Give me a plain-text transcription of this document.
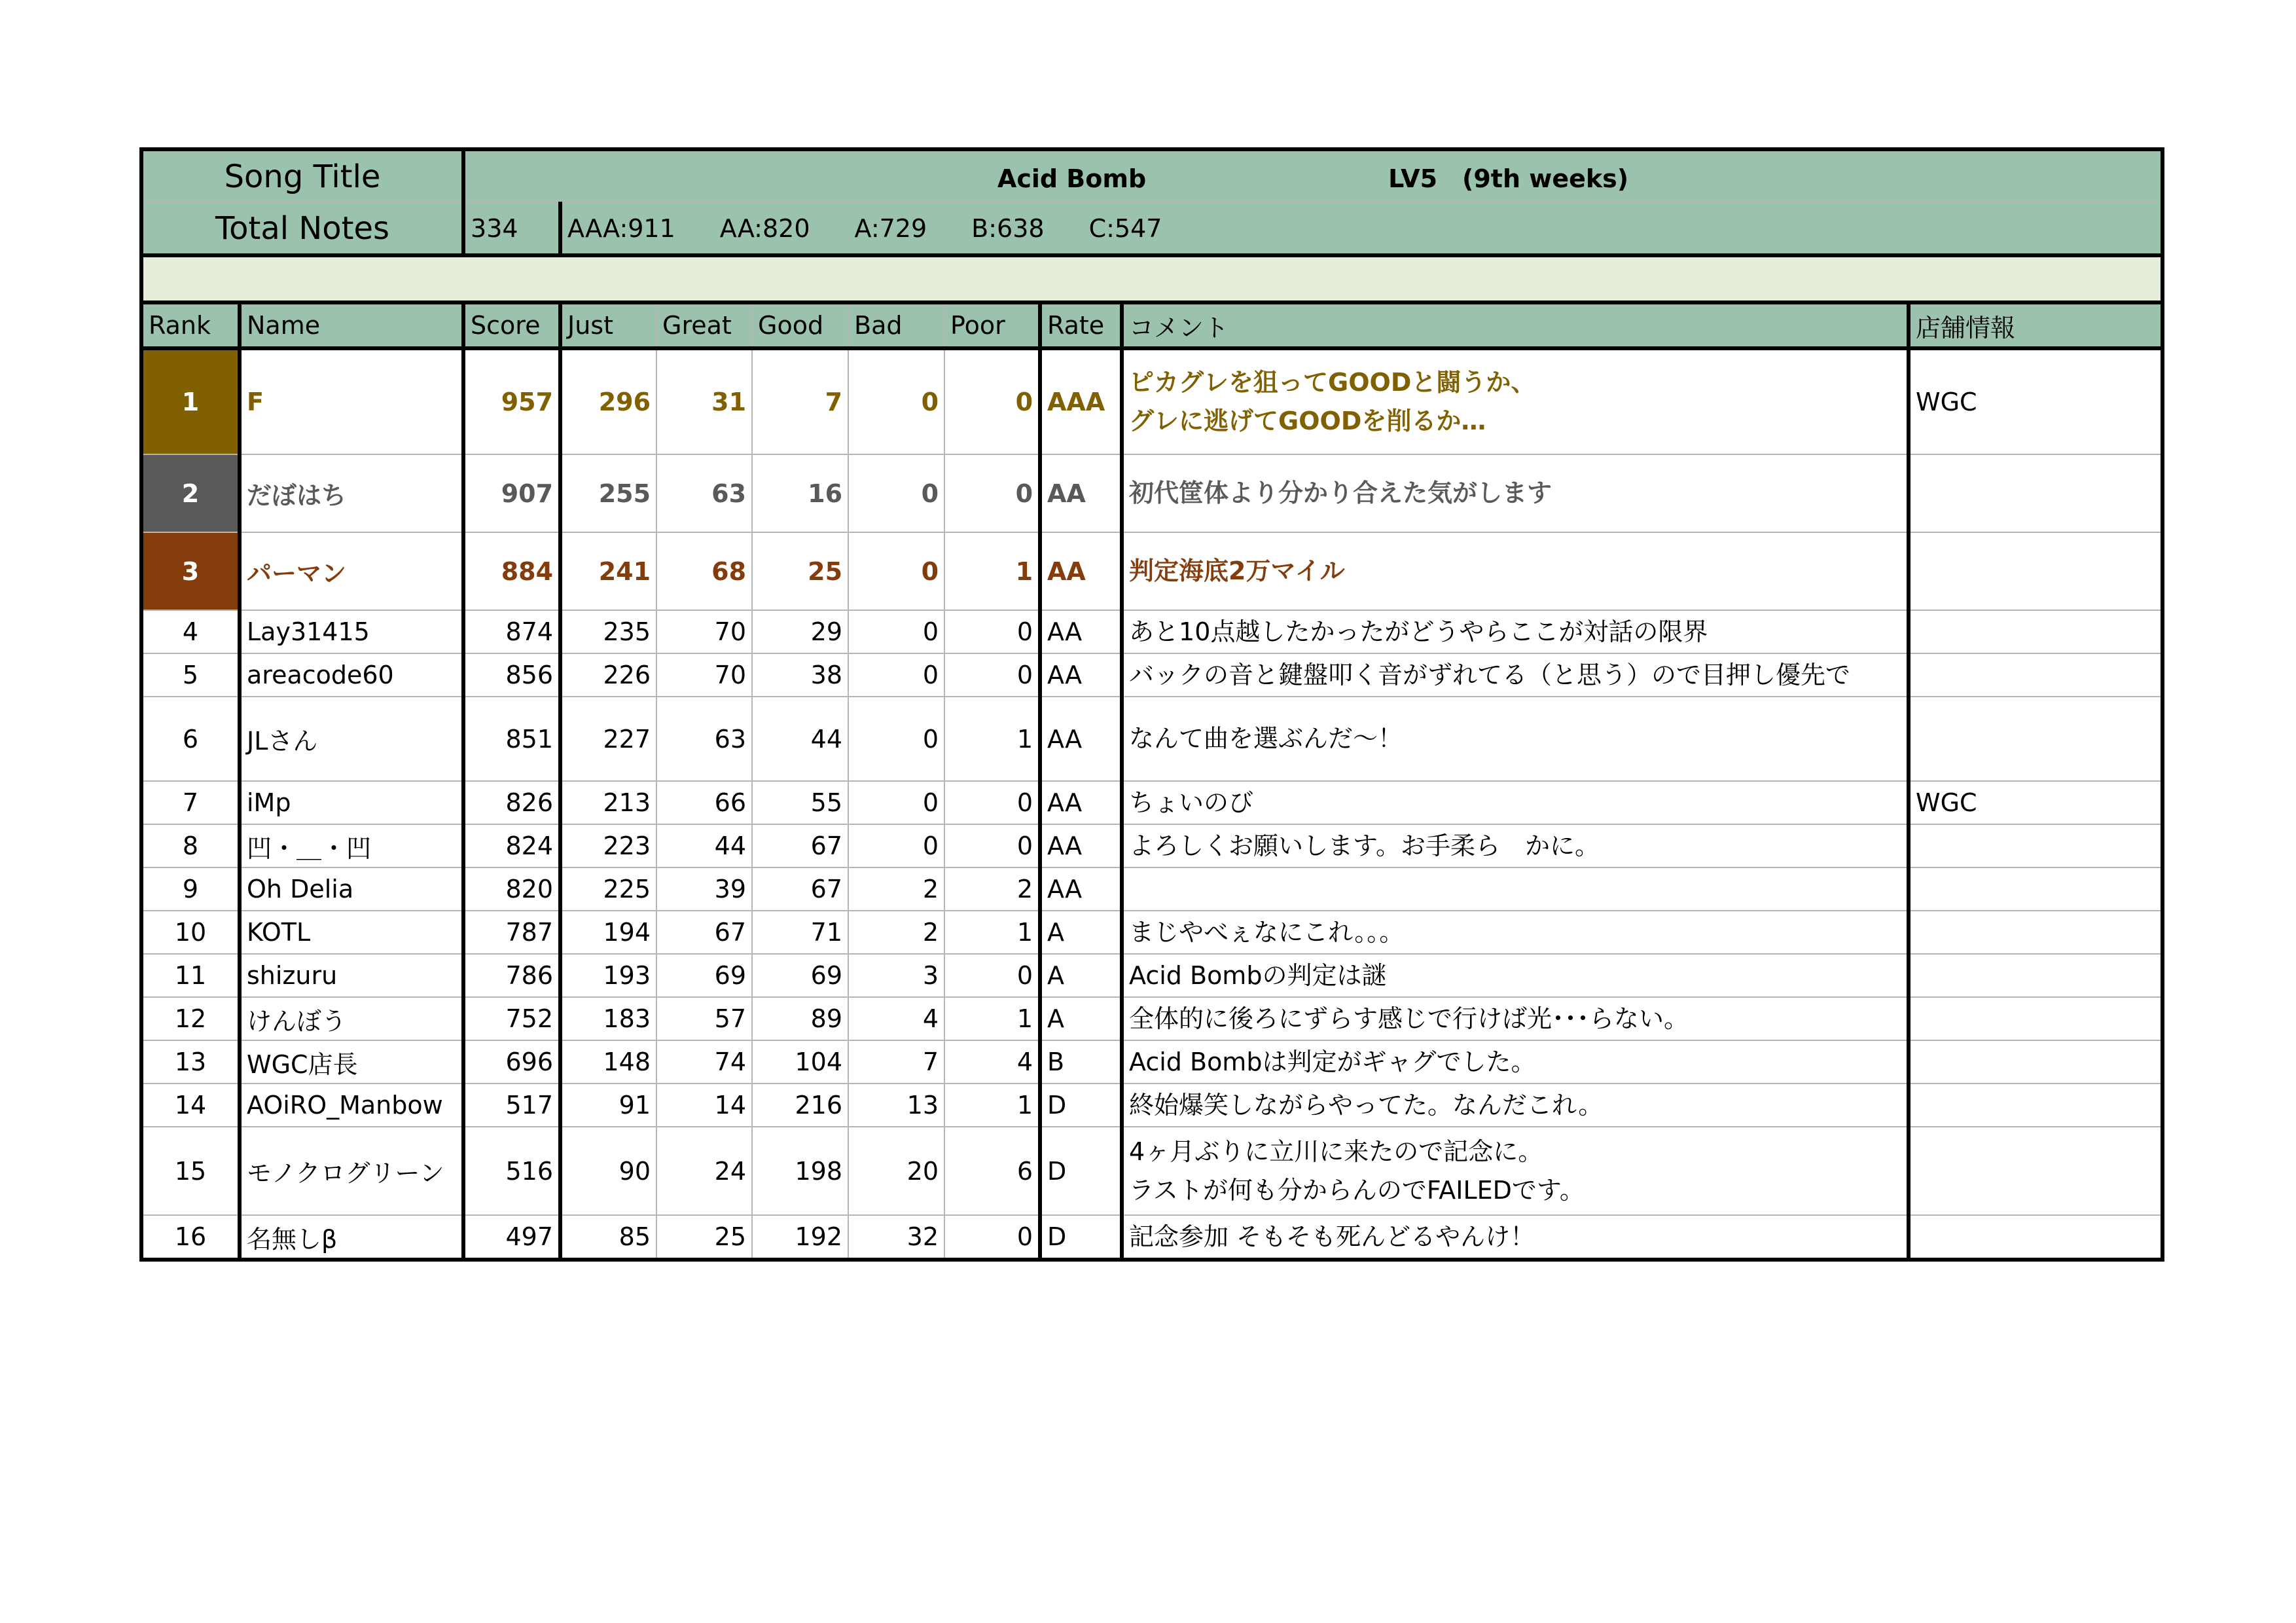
Song Title		Acid Bomb LV5　(9th weeks)								
Total Notes		334	AAA:911 AA:820 A:729 B:638 C:547							

Rank	Name	Score	Just	Great	Good	Bad	Poor	Rate	コメント	店舗情報
1	F	957	296	31	7	0	0	AAA	ピカグレを狙ってGOODと闘うか、
グレに逃げてGOODを削るか…	WGC
2	だぼはち	907	255	63	16	0	0	AA	初代筐体より分かり合えた気がします	

3	パーマン	884	241	68	25	0	1	AA	判定海底2万マイル	

4	Lay31415	874	235	70	29	0	0	AA	あと10点越したかったがどうやらここが対話の限界	

5	areacode60	856	226	70	38	0	0	AA	バックの音と鍵盤叩く音がずれてる（と思う）ので目押し優先で	

6	JLさん	851	227	63	44	0	1	AA	なんて曲を選ぶんだ～！	

7	iMp	826	213	66	55	0	0	AA	ちょいのび	WGC
8	凹・＿・凹	824	223	44	67	0	0	AA	よろしくお願いします。お手柔ら　かに。	

9	Oh Delia	820	225	39	67	2	2	AA	

10	KOTL	787	194	67	71	2	1	A	まじやべぇなにこれ。。。	

11	shizuru	786	193	69	69	3	0	A	Acid Bombの判定は謎	

12	けんぼう	752	183	57	89	4	1	A	全体的に後ろにずらす感じで行けば光･･･らない。	

13	WGC店長	696	148	74	104	7	4	B	Acid Bombは判定がギャグでした。	

14	AOiRO_Manbow	517	91	14	216	13	1	D	終始爆笑しながらやってた。なんだこれ。	

15	モノクログリーン	516	90	24	198	20	6	D	4ヶ月ぶりに立川に来たので記念に。
ラストが何も分からんのでFAILEDです。	

16	名無しβ	497	85	25	192	32	0	D	記念参加 そもそも死んどるやんけ！	
